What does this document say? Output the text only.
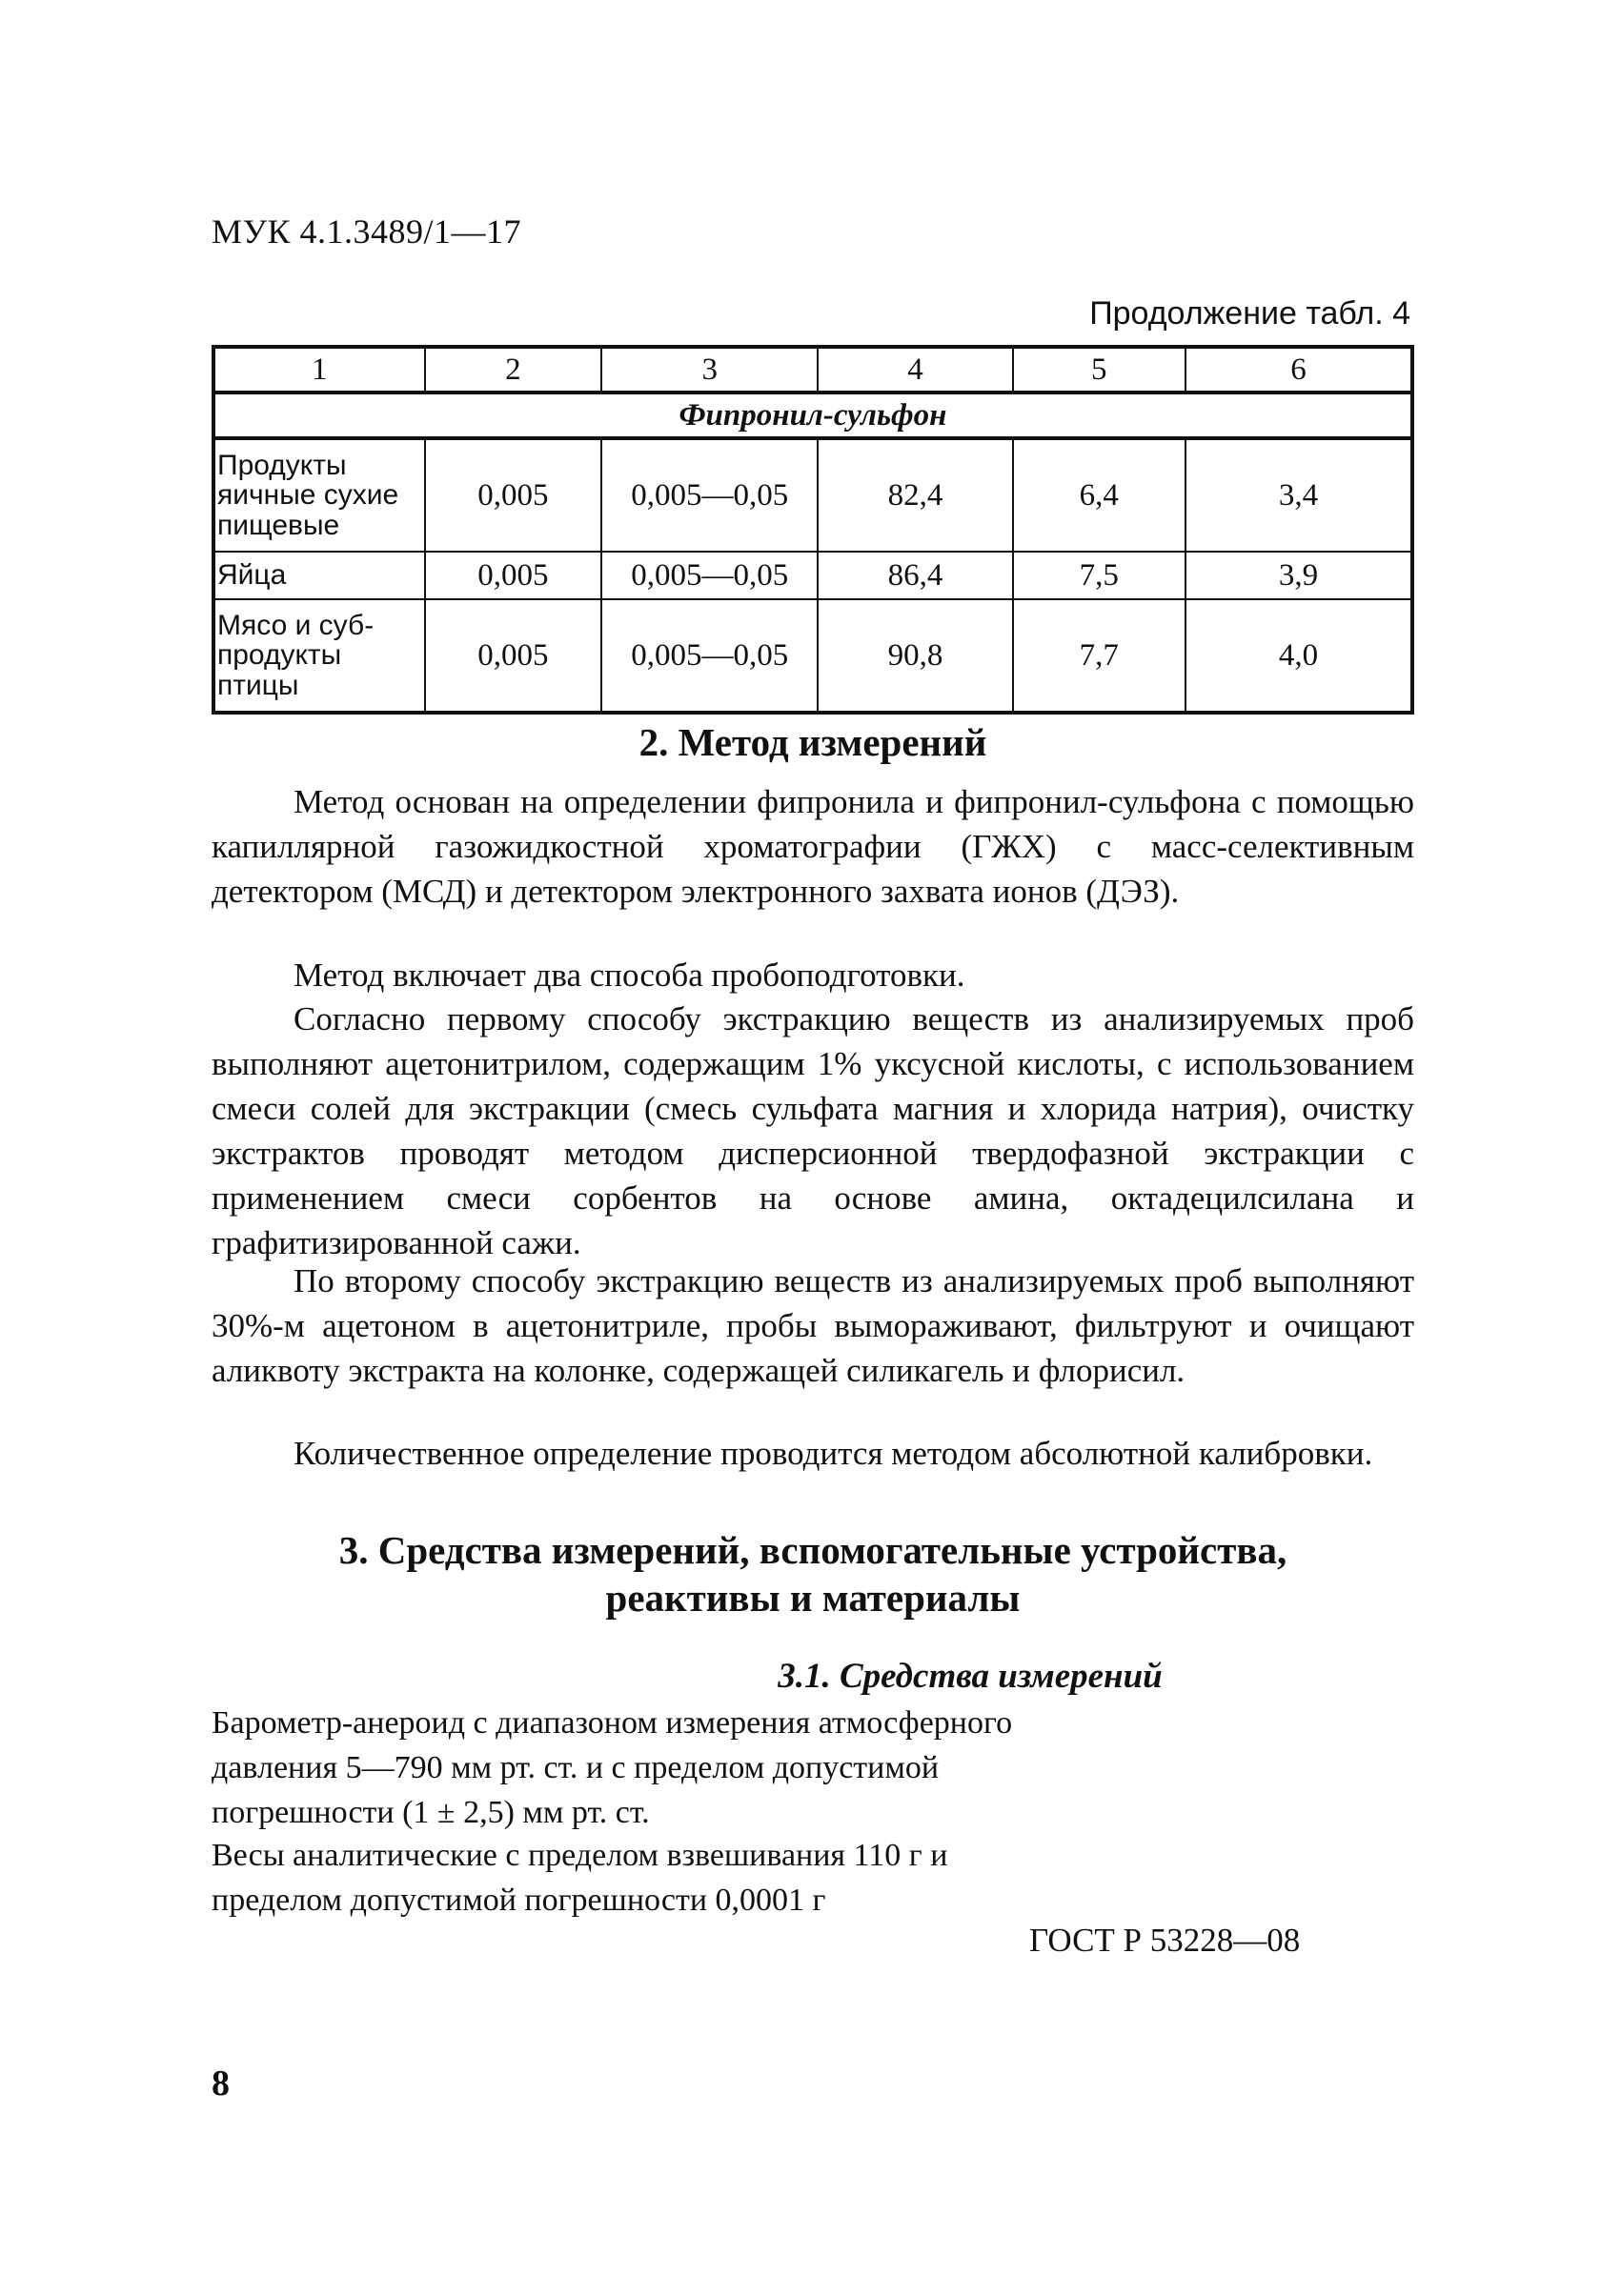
МУК 4.1.3489/1—17
Продолжение табл. 4
1	2	3	4	5	6
Фипронил-сульфон					
Продукты яичные сухие пищевые	0,005	0,005—0,05	82,4	6,4	3,4
Яйца	0,005	0,005—0,05	86,4	7,5	3,9
Мясо и суб-продукты птицы	0,005	0,005—0,05	90,8	7,7	4,0
2. Метод измерений
Метод основан на определении фипронила и фипронил-сульфона с помощью капиллярной газожидкостной хроматографии (ГЖХ) с масс-селективным детектором (МСД) и детектором электронного захвата ионов (ДЭЗ).
Метод включает два способа пробоподготовки.
Согласно первому способу экстракцию веществ из анализируемых проб выполняют ацетонитрилом, содержащим 1% уксусной кислоты, с использованием смеси солей для экстракции (смесь сульфата магния и хлорида натрия), очистку экстрактов проводят методом дисперсионной твердофазной экстракции с применением смеси сорбентов на основе амина, октадецилсилана и графитизированной сажи.
По второму способу экстракцию веществ из анализируемых проб выполняют 30%-м ацетоном в ацетонитриле, пробы вымораживают, фильтруют и очищают аликвоту экстракта на колонке, содержащей силикагель и флорисил.
Количественное определение проводится методом абсолютной калибровки.
3. Средства измерений, вспомогательные устройства,
реактивы и материалы
3.1. Средства измерений
Барометр-анероид с диапазоном измерения атмосферного давления 5—790 мм рт. ст. и с пределом допустимой погрешности (1 ± 2,5) мм рт. ст.
Весы аналитические с пределом взвешивания 110 г и пределом допустимой погрешности 0,0001 г
ГОСТ Р 53228—08
8
